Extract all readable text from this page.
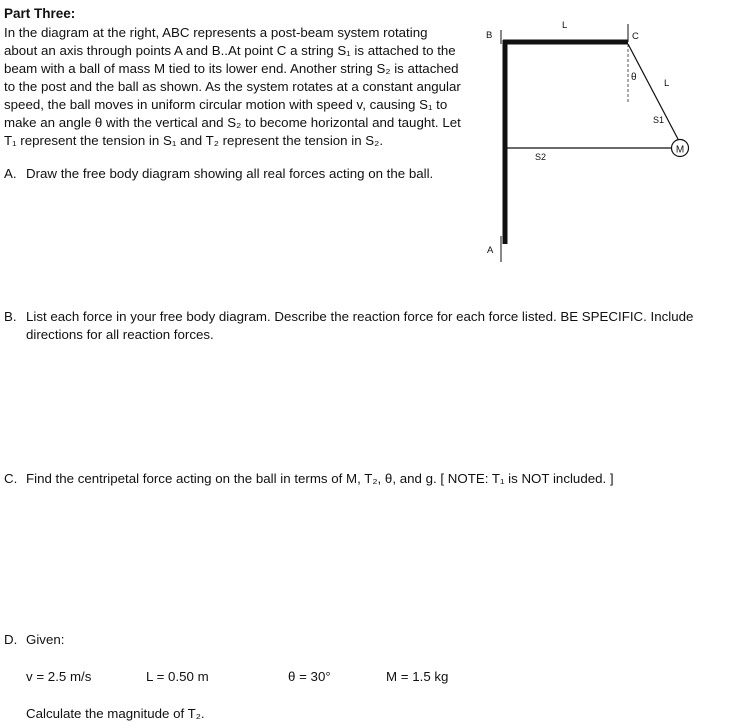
Part Three:
In the diagram at the right, ABC represents a post-beam system rotating
about an axis through points A and B..At point C a string S₁ is attached to the
beam with a ball of mass M tied to its lower end. Another string S₂ is attached
to the post and the ball as shown. As the system rotates at a constant angular
speed, the ball moves in uniform circular motion with speed v, causing S₁ to
make an angle θ with the vertical and S₂ to become horizontal and taught. Let
T₁ represent the tension in S₁ and T₂ represent the tension in S₂.
A. Draw the free body diagram showing all real forces acting on the ball.
B. List each force in your free body diagram. Describe the reaction force for each force listed. BE SPECIFIC. Include
directions for all reaction forces.
C. Find the centripetal force acting on the ball in terms of M, T₂, θ, and g. [ NOTE: T₁ is NOT included. ]
D. Given:
v = 2.5 m/s	L = 0.50 m	θ = 30°	M = 1.5 kg
Calculate the magnitude of T₂.
M
B
L
C
θ
L
S1
S2
A
